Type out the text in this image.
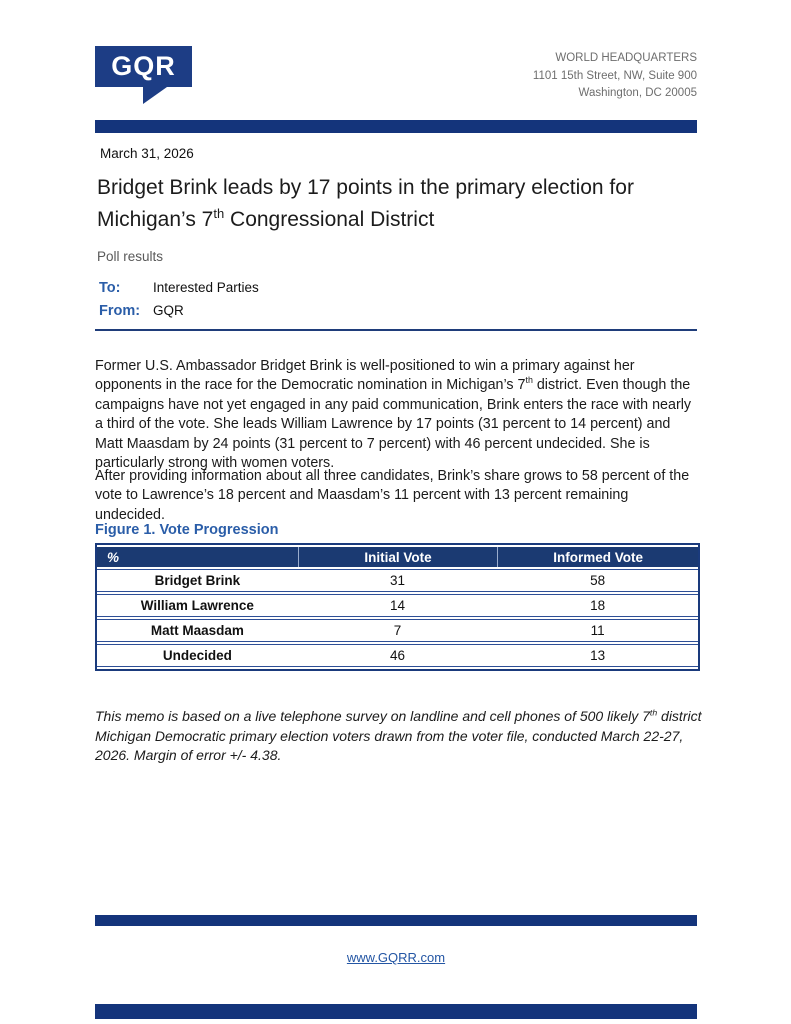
GQR	WORLD HEADQUARTERS
1101 15th Street, NW, Suite 900
Washington, DC 20005
March 31, 2026
Bridget Brink leads by 17 points in the primary election for Michigan’s 7th Congressional District
Poll results
To: Interested Parties
From: GQR

Former U.S. Ambassador Bridget Brink is well-positioned to win a primary against her opponents in the race for the Democratic nomination in Michigan’s 7th district. Even though the campaigns have not yet engaged in any paid communication, Brink enters the race with nearly a third of the vote. She leads William Lawrence by 17 points (31 percent to 14 percent) and Matt Maasdam by 24 points (31 percent to 7 percent) with 46 percent undecided. She is particularly strong with women voters.

After providing information about all three candidates, Brink’s share grows to 58 percent of the vote to Lawrence’s 18 percent and Maasdam’s 11 percent with 13 percent remaining undecided.

Figure 1. Vote Progression
%	Initial Vote	Informed Vote
Bridget Brink	31	58
William Lawrence	14	18
Matt Maasdam	7	11
Undecided	46	13

This memo is based on a live telephone survey on landline and cell phones of 500 likely 7th district Michigan Democratic primary election voters drawn from the voter file, conducted March 22-27, 2026. Margin of error +/- 4.38.

www.GQRR.com
